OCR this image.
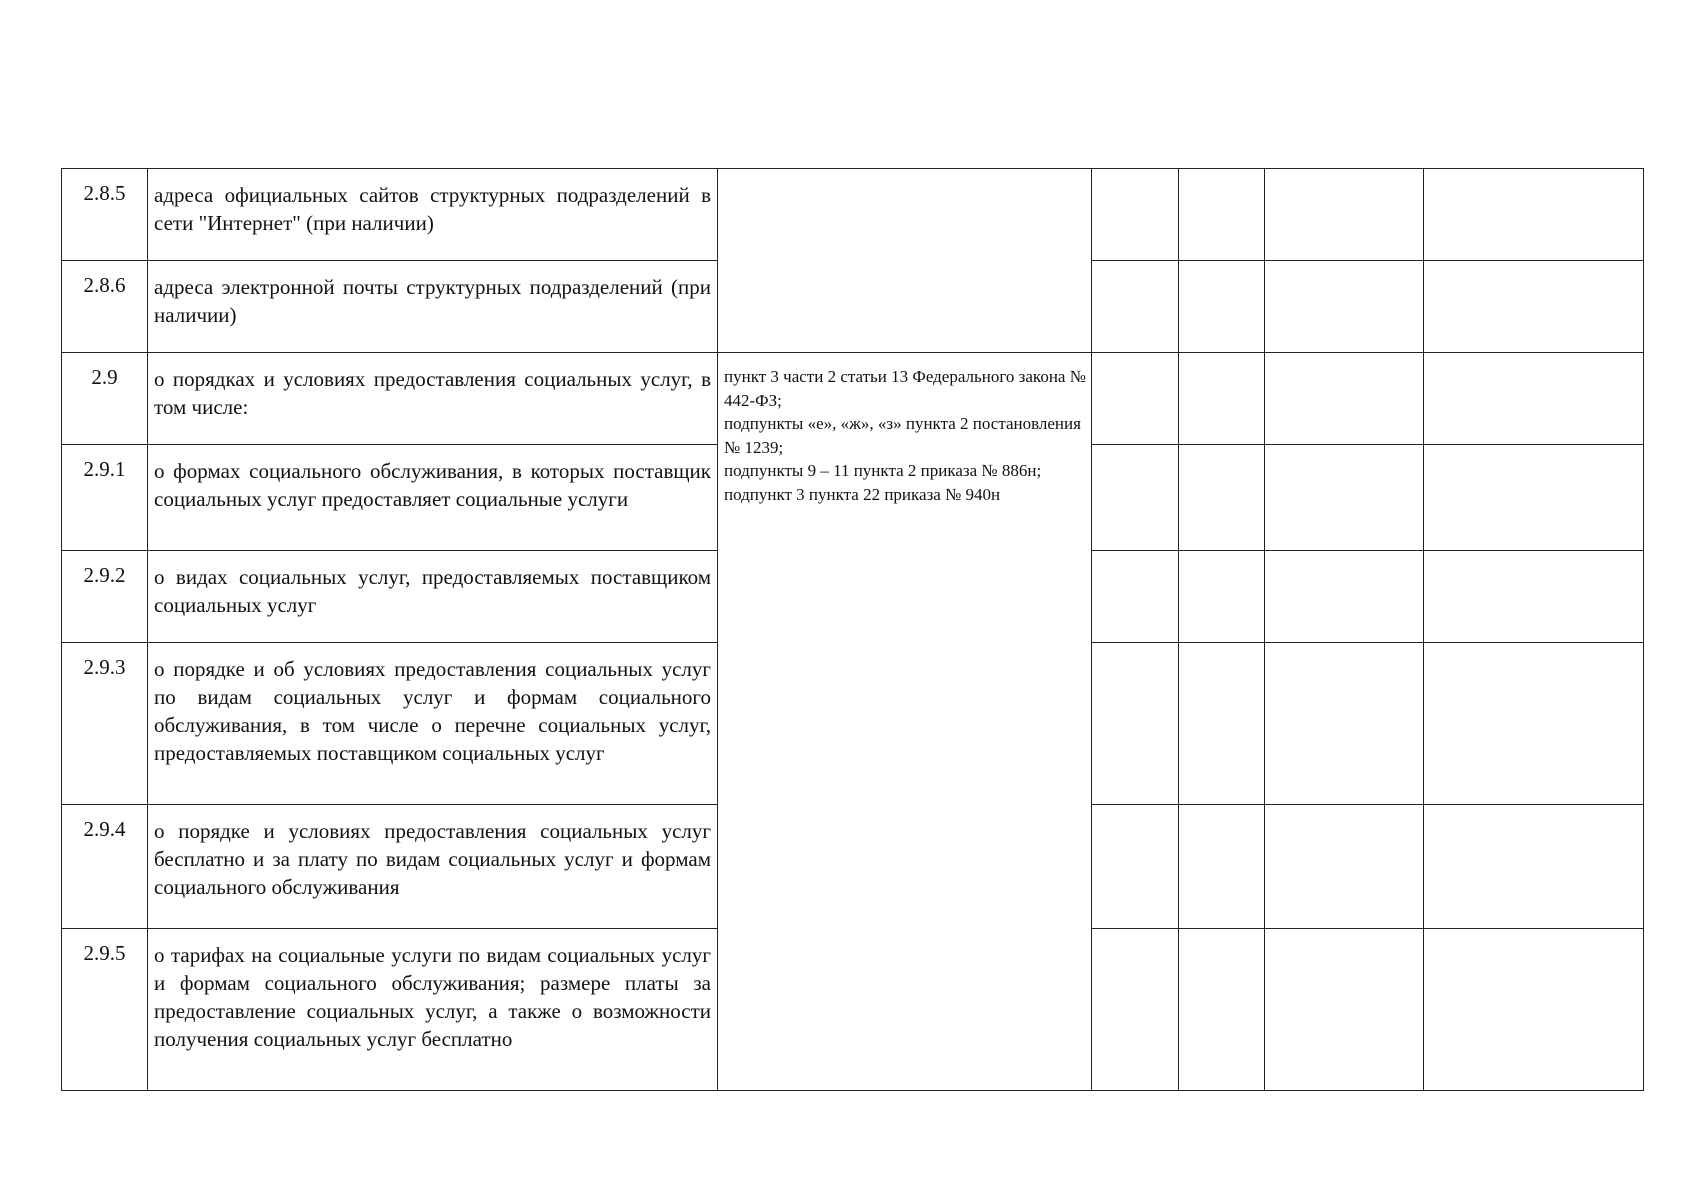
2.8.5	адреса официальных сайтов структурных подразделений в сети "Интернет" (при наличии)						
2.8.6	адреса электронной почты структурных подразделений (при наличии)						
2.9	о порядках и условиях предоставления социальных услуг, в том числе:	пункт 3 части 2 статьи 13 Федерального закона № 442-ФЗ;
подпункты «е», «ж», «з» пункта 2 постановления № 1239;
подпункты 9 – 11 пункта 2 приказа № 886н;
подпункт 3 пункта 22 приказа № 940н					

2.9.1	о формах социального обслуживания, в которых поставщик социальных услуг предоставляет социальные услуги						
2.9.2	о видах социальных услуг, предоставляемых поставщиком социальных услуг						
2.9.3	о порядке и об условиях предоставления социальных услуг по видам социальных услуг и формам социального обслуживания, в том числе о перечне социальных услуг, предоставляемых поставщиком социальных услуг						
2.9.4	о порядке и условиях предоставления социальных услуг бесплатно и за плату по видам социальных услуг и формам социального обслуживания						
2.9.5	о тарифах на социальные услуги по видам социальных услуг и формам социального обслуживания; размере платы за предоставление социальных услуг, а также о возможности получения социальных услуг бесплатно						
